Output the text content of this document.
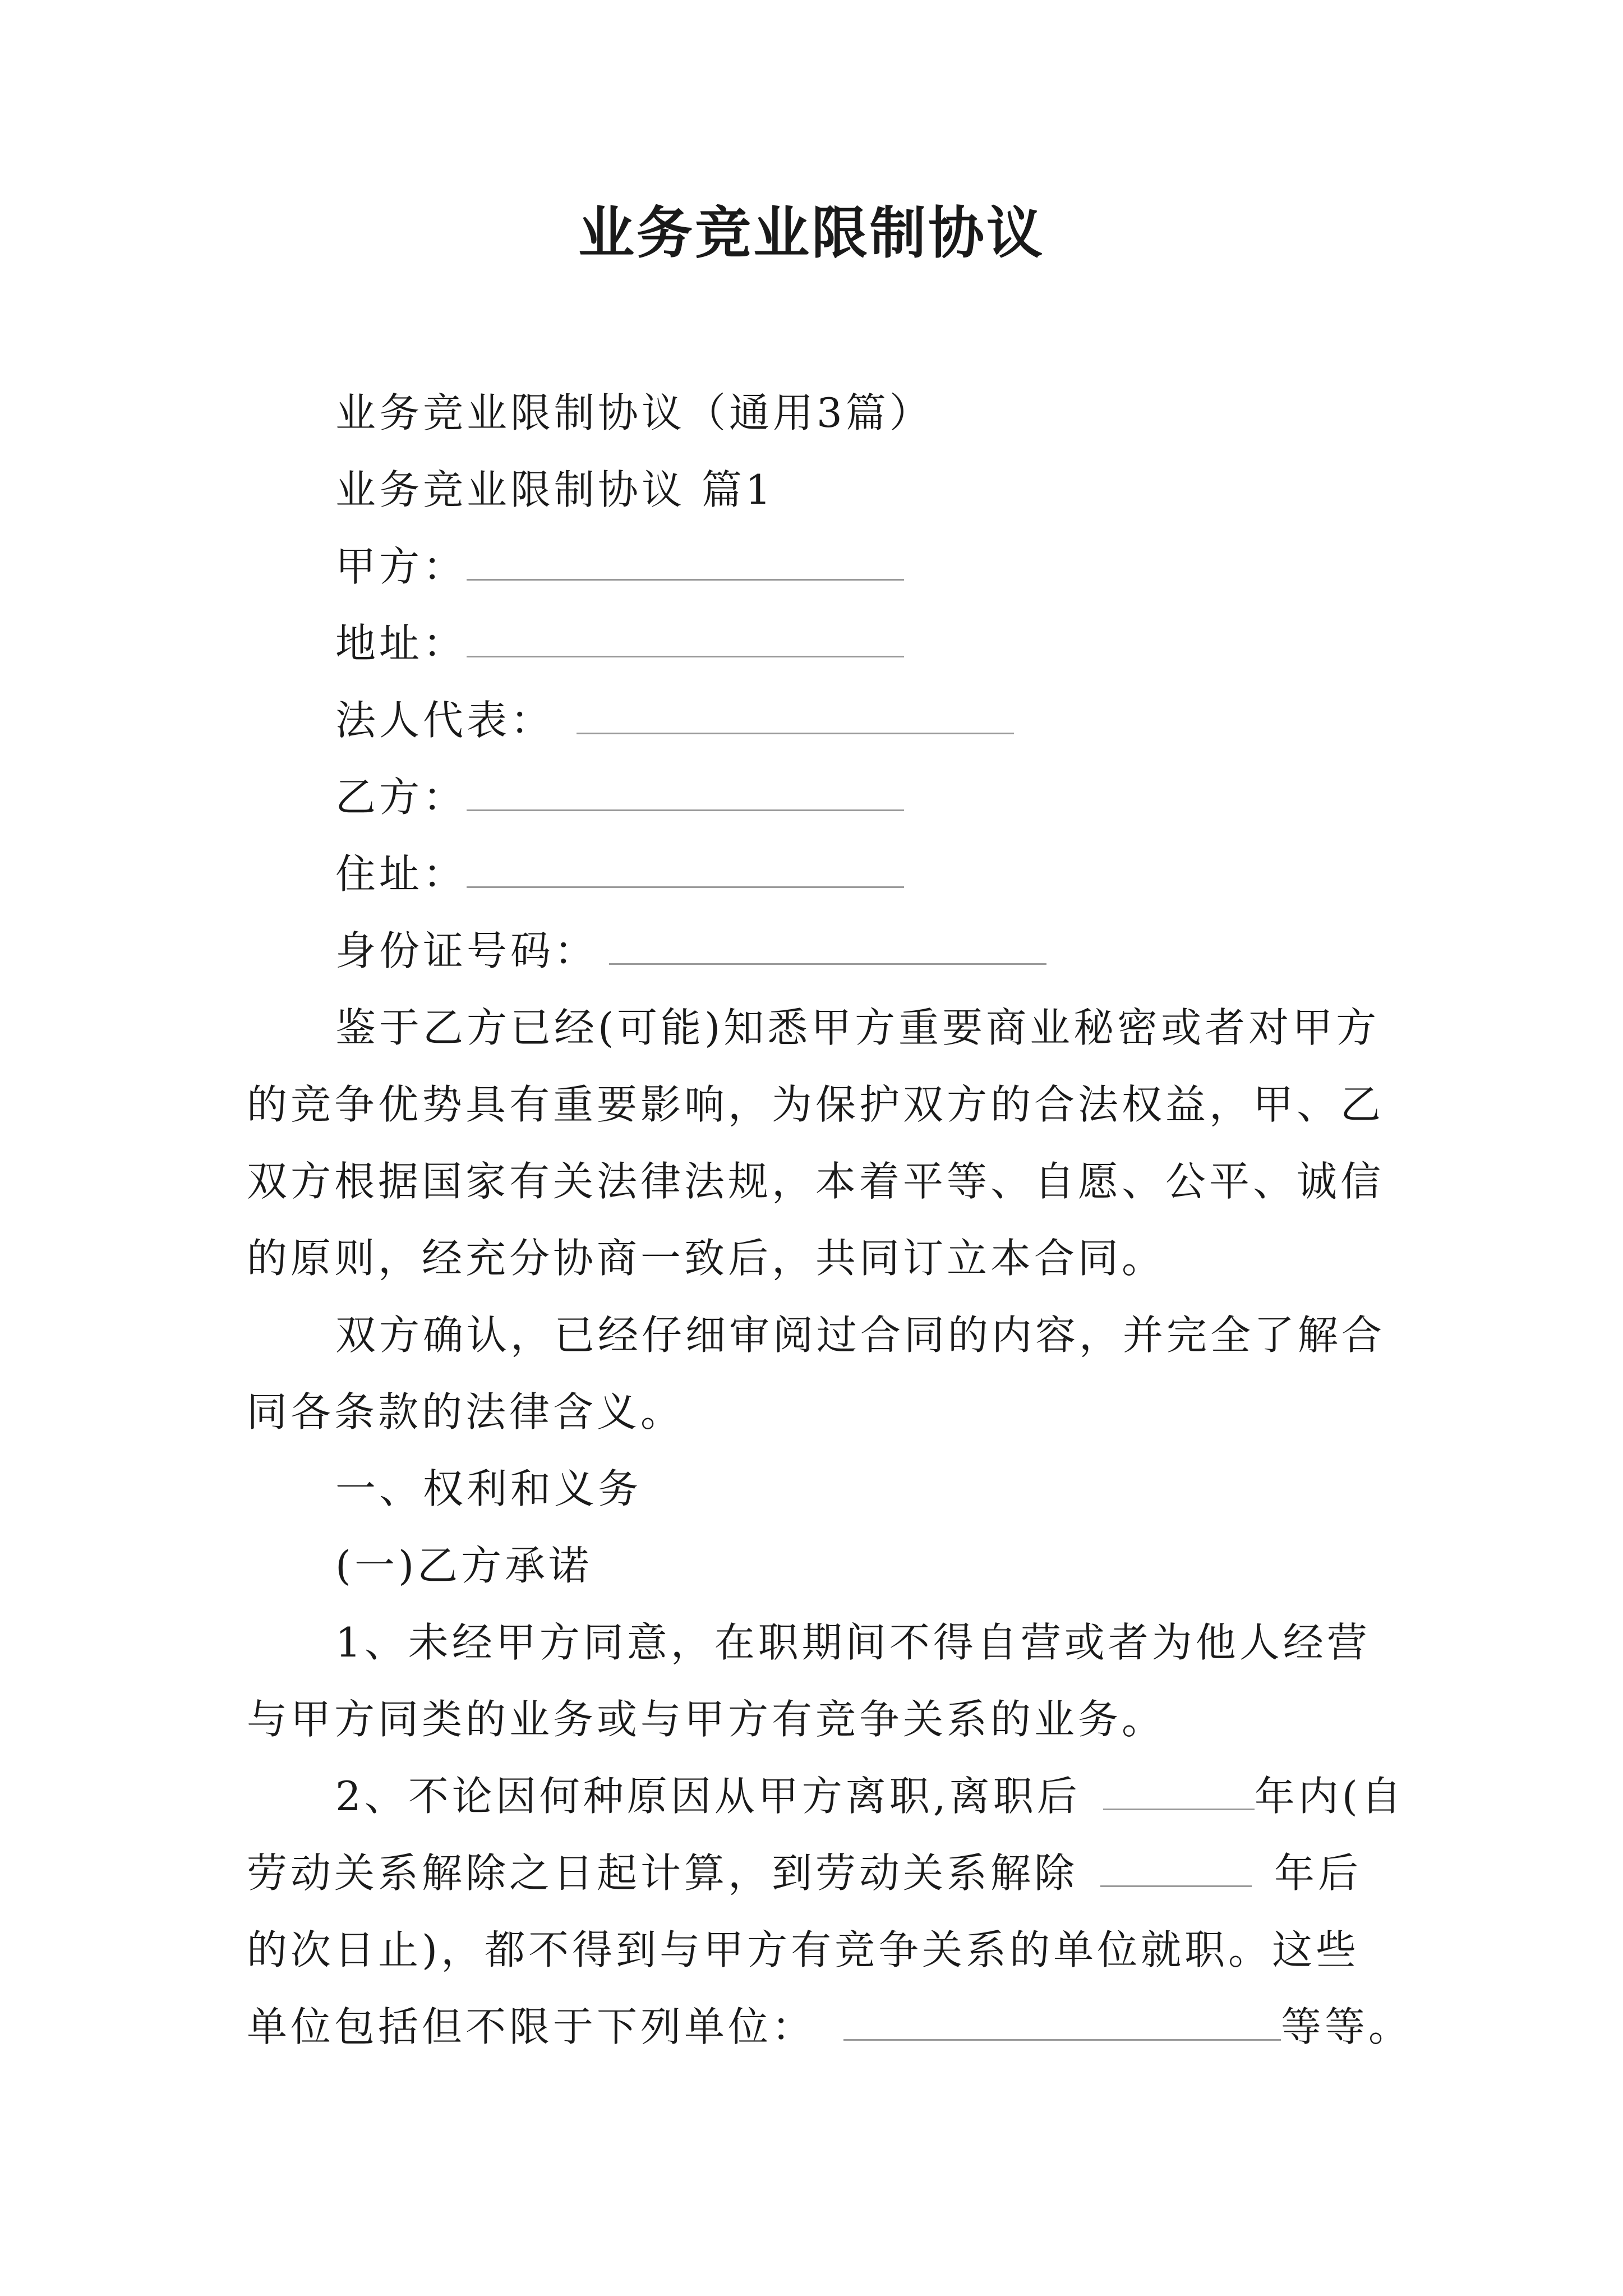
业务竞业限制协议
业务竞业限制协议（通用3篇）
业务竞业限制协议 篇1
甲方：
地址：
法人代表：
乙方：
住址：
身份证号码：
鉴于乙方已经(可能)知悉甲方重要商业秘密或者对甲方
的竞争优势具有重要影响，为保护双方的合法权益，甲、乙
双方根据国家有关法律法规，本着平等、自愿、公平、诚信
的原则，经充分协商一致后，共同订立本合同。
双方确认，已经仔细审阅过合同的内容，并完全了解合
同各条款的法律含义。
一、权利和义务
(一)乙方承诺
1、未经甲方同意，在职期间不得自营或者为他人经营
与甲方同类的业务或与甲方有竞争关系的业务。
2、不论因何种原因从甲方离职,离职后	年内(自
劳动关系解除之日起计算，到劳动关系解除	年后
的次日止)，都不得到与甲方有竞争关系的单位就职。这些
单位包括但不限于下列单位：	等等。
